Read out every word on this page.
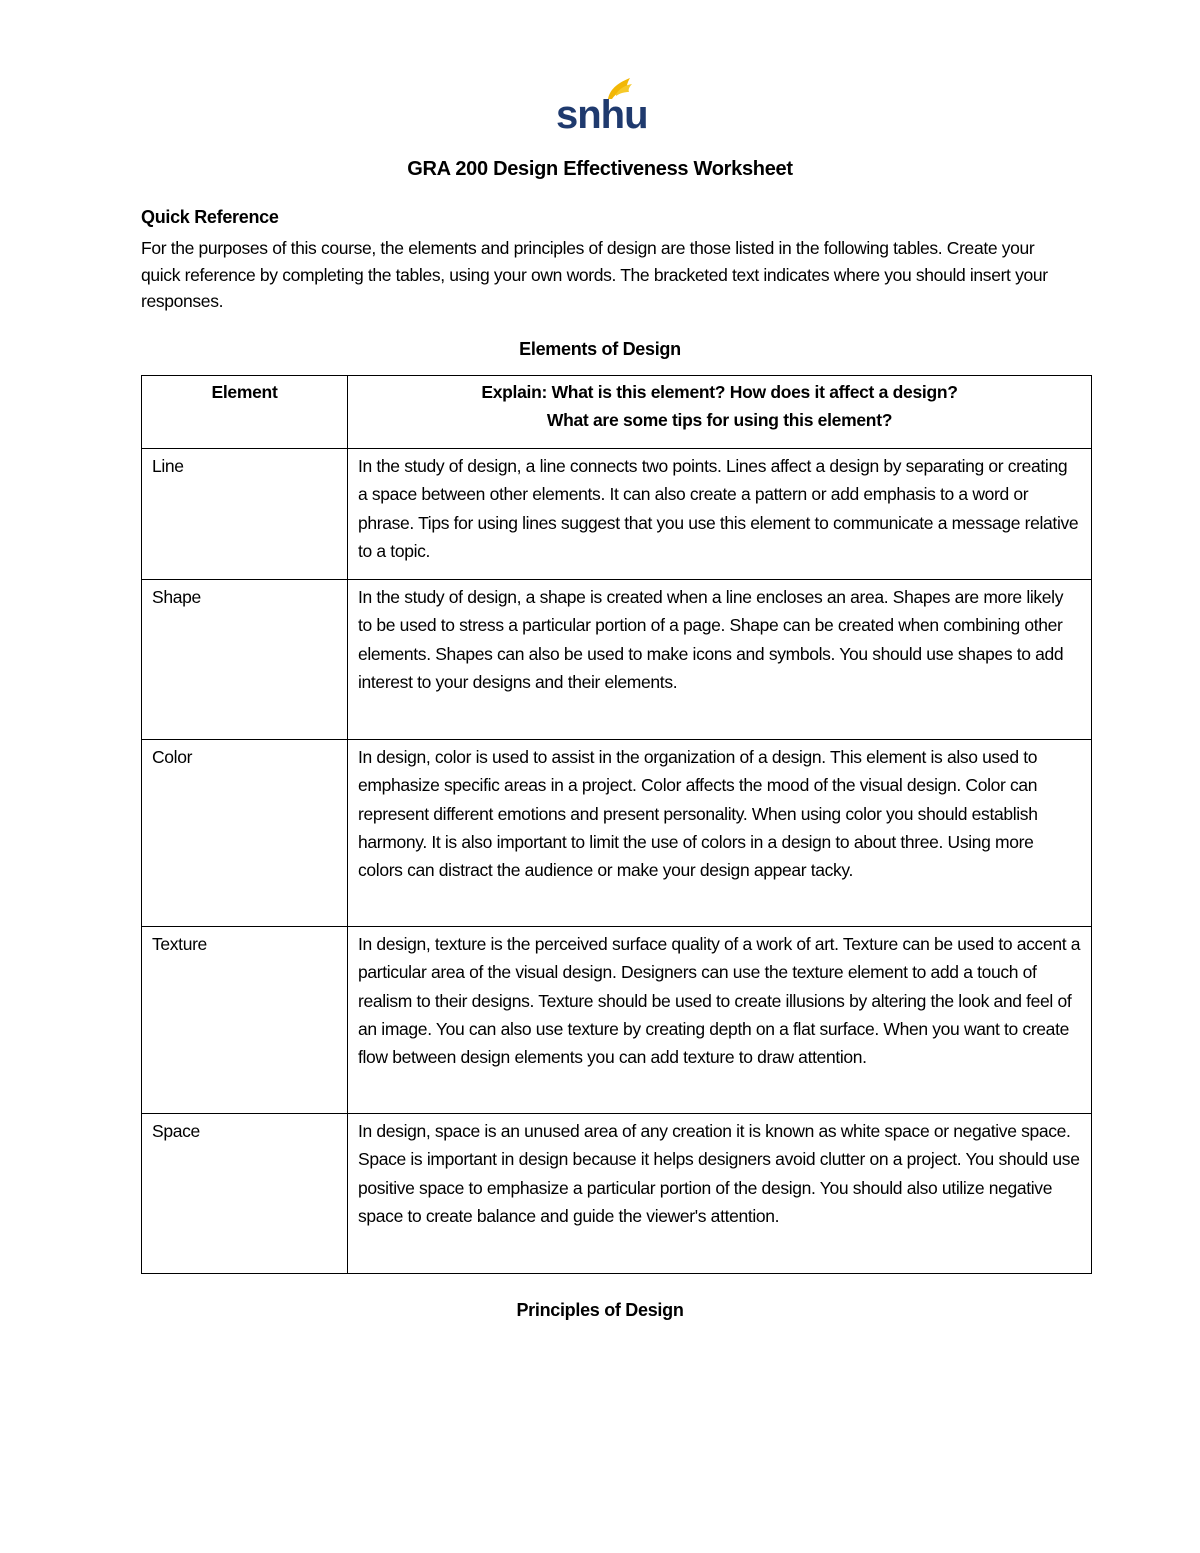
snhu
GRA 200 Design Effectiveness Worksheet
Quick Reference
For the purposes of this course, the elements and principles of design are those listed in the following tables. Create your quick reference by completing the tables, using your own words. The bracketed text indicates where you should insert your responses.
Elements of Design
Element	Explain: What is this element? How does it affect a design?
What are some tips for using this element?

Line	In the study of design, a line connects two points. Lines affect a design by separating or creating a space between other elements. It can also create a pattern or add emphasis to a word or phrase. Tips for using lines suggest that you use this element to communicate a message relative to a topic.
Shape	In the study of design, a shape is created when a line encloses an area. Shapes are more likely to be used to stress a particular portion of a page. Shape can be created when combining other elements. Shapes can also be used to make icons and symbols. You should use shapes to add interest to your designs and their elements.
Color	In design, color is used to assist in the organization of a design. This element is also used to emphasize specific areas in a project. Color affects the mood of the visual design. Color can represent different emotions and present personality. When using color you should establish harmony. It is also important to limit the use of colors in a design to about three. Using more colors can distract the audience or make your design appear tacky.
Texture	In design, texture is the perceived surface quality of a work of art. Texture can be used to accent a particular area of the visual design. Designers can use the texture element to add a touch of realism to their designs. Texture should be used to create illusions by altering the look and feel of an image. You can also use texture by creating depth on a flat surface. When you want to create flow between design elements you can add texture to draw attention.
Space	In design, space is an unused area of any creation it is known as white space or negative space. Space is important in design because it helps designers avoid clutter on a project. You should use positive space to emphasize a particular portion of the design. You should also utilize negative space to create balance and guide the viewer's attention.
Principles of Design
